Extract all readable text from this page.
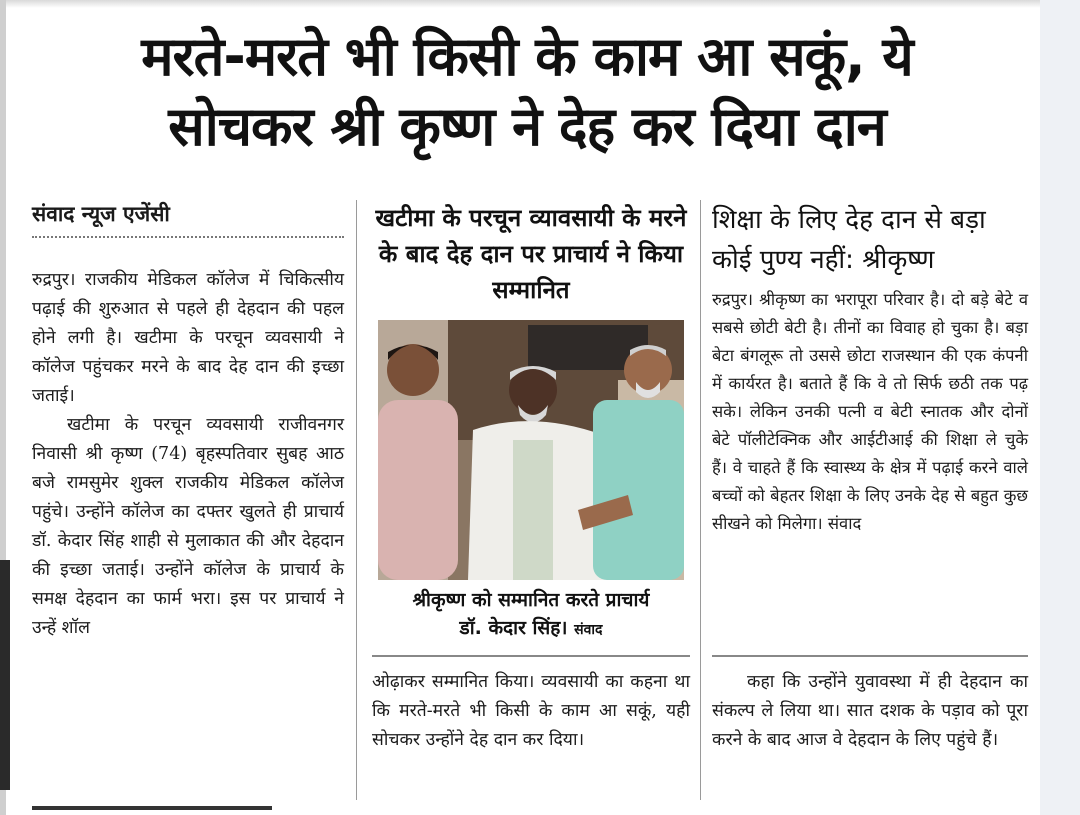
मरते-मरते भी किसी के काम आ सकूं, ये
सोचकर श्री कृष्ण ने देह कर दिया दान
संवाद न्यूज एजेंसी

रुद्रपुर। राजकीय मेडिकल कॉलेज में चिकित्सीय पढ़ाई की शुरुआत से पहले ही देहदान की पहल होने लगी है। खटीमा के परचून व्यवसायी ने कॉलेज पहुंचकर मरने के बाद देह दान की इच्छा जताई।

खटीमा के परचून व्यवसायी राजीवनगर निवासी श्री कृष्ण (74) बृहस्पतिवार सुबह आठ बजे रामसुमेर शुक्ल राजकीय मेडिकल कॉलेज पहुंचे। उन्होंने कॉलेज का दफ्तर खुलते ही प्राचार्य डॉ. केदार सिंह शाही से मुलाकात की और देहदान की इच्छा जताई। उन्होंने कॉलेज के प्राचार्य के समक्ष देहदान का फार्म भरा। इस पर प्राचार्य ने उन्हें शॉल

खटीमा के परचून व्यावसायी के मरने के बाद देह दान पर प्राचार्य ने किया सम्मानित
श्रीकृष्ण को सम्मानित करते प्राचार्य
डॉ. केदार सिंह। संवाद
ओढ़ाकर सम्मानित किया। व्यवसायी का कहना था कि मरते-मरते भी किसी के काम आ सकूं, यही सोचकर उन्होंने देह दान कर दिया।
शिक्षा के लिए देह दान से बड़ा कोई पुण्य नहीं: श्रीकृष्ण
रुद्रपुर। श्रीकृष्ण का भरापूरा परिवार है। दो बड़े बेटे व सबसे छोटी बेटी है। तीनों का विवाह हो चुका है। बड़ा बेटा बंगलूरू तो उससे छोटा राजस्थान की एक कंपनी में कार्यरत है। बताते हैं कि वे तो सिर्फ छठी तक पढ़ सके। लेकिन उनकी पत्नी व बेटी स्नातक और दोनों बेटे पॉलीटेक्निक और आईटीआई की शिक्षा ले चुके हैं। वे चाहते हैं कि स्वास्थ्य के क्षेत्र में पढ़ाई करने वाले बच्चों को बेहतर शिक्षा के लिए उनके देह से बहुत कुछ सीखने को मिलेगा। संवाद
कहा कि उन्होंने युवावस्था में ही देहदान का संकल्प ले लिया था। सात दशक के पड़ाव को पूरा करने के बाद आज वे देहदान के लिए पहुंचे हैं।
